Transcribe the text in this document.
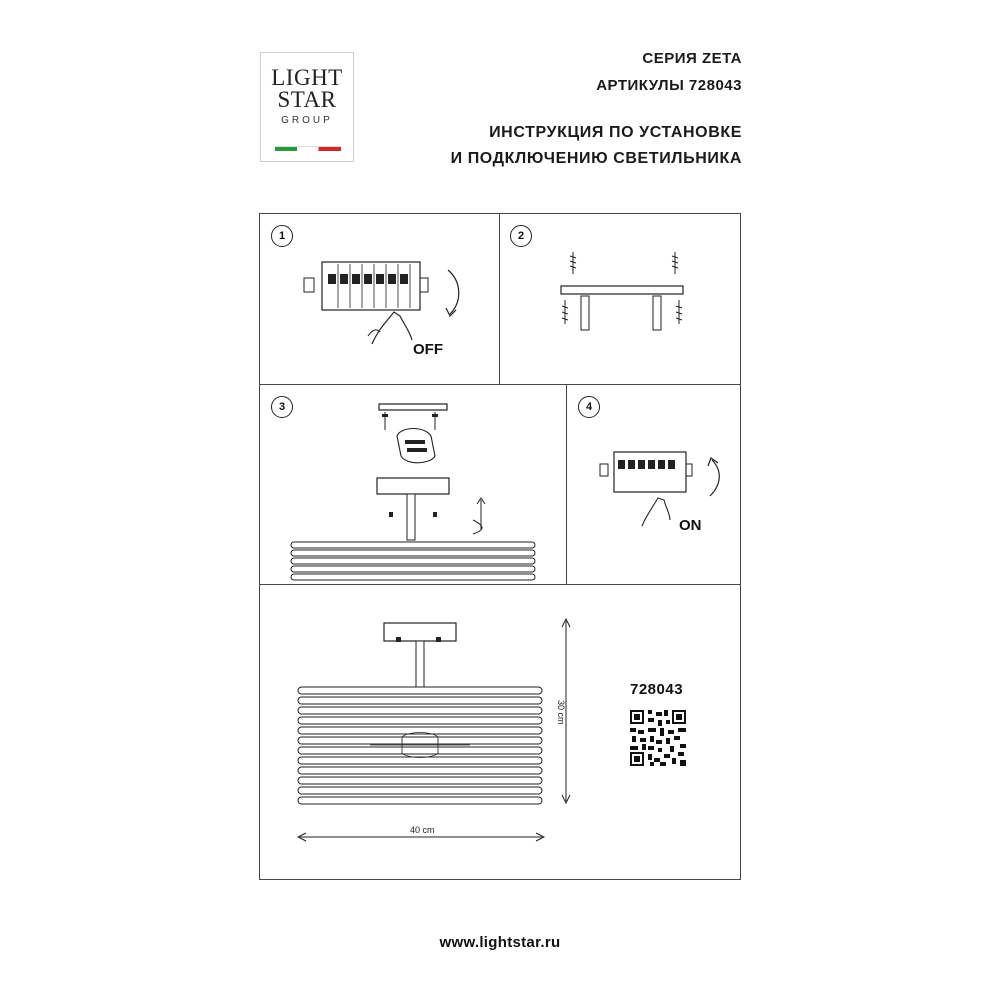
LIGHT
STAR
GROUP
СЕРИЯ ZETA
АРТИКУЛЫ 728043
ИНСТРУКЦИЯ ПО УСТАНОВКЕ
И ПОДКЛЮЧЕНИЮ СВЕТИЛЬНИКА
1	2
3	4
OFF
ON
30 cm
40 cm
728043
www.lightstar.ru
